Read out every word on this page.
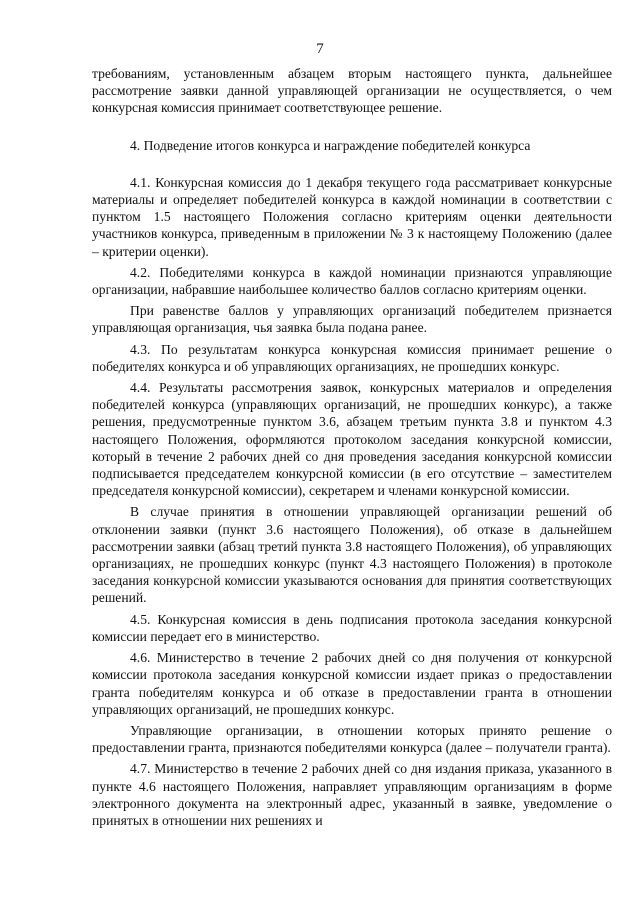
7

требованиям, установленным абзацем вторым настоящего пункта, дальнейшее рассмотрение заявки данной управляющей организации не осуществляется, о чем конкурсная комиссия принимает соответствующее решение.

4. Подведение итогов конкурса и награждение победителей конкурса

4.1. Конкурсная комиссия до 1 декабря текущего года рассматривает конкурсные материалы и определяет победителей конкурса в каждой номинации в соответствии с пунктом 1.5 настоящего Положения согласно критериям оценки деятельности участников конкурса, приведенным в приложении № 3 к настоящему Положению (далее – критерии оценки).

4.2. Победителями конкурса в каждой номинации признаются управляющие организации, набравшие наибольшее количество баллов согласно критериям оценки.

При равенстве баллов у управляющих организаций победителем признается управляющая организация, чья заявка была подана ранее.

4.3. По результатам конкурса конкурсная комиссия принимает решение о победителях конкурса и об управляющих организациях, не прошедших конкурс.

4.4. Результаты рассмотрения заявок, конкурсных материалов и определения победителей конкурса (управляющих организаций, не прошедших конкурс), а также решения, предусмотренные пунктом 3.6, абзацем третьим пункта 3.8 и пунктом 4.3 настоящего Положения, оформляются протоколом заседания конкурсной комиссии, который в течение 2 рабочих дней со дня проведения заседания конкурсной комиссии подписывается председателем конкурсной комиссии (в его отсутствие – заместителем председателя конкурсной комиссии), секретарем и членами конкурсной комиссии.

В случае принятия в отношении управляющей организации решений об отклонении заявки (пункт 3.6 настоящего Положения), об отказе в дальнейшем рассмотрении заявки (абзац третий пункта 3.8 настоящего Положения), об управляющих организациях, не прошедших конкурс (пункт 4.3 настоящего Положения) в протоколе заседания конкурсной комиссии указываются основания для принятия соответствующих решений.

4.5. Конкурсная комиссия в день подписания протокола заседания конкурсной комиссии передает его в министерство.

4.6. Министерство в течение 2 рабочих дней со дня получения от конкурсной комиссии протокола заседания конкурсной комиссии издает приказ о предоставлении гранта победителям конкурса и об отказе в предоставлении гранта в отношении управляющих организаций, не прошедших конкурс.

Управляющие организации, в отношении которых принято решение о предоставлении гранта, признаются победителями конкурса (далее – получатели гранта).

4.7. Министерство в течение 2 рабочих дней со дня издания приказа, указанного в пункте 4.6 настоящего Положения, направляет управляющим организациям в форме электронного документа на электронный адрес, указанный в заявке, уведомление о принятых в отношении них решениях и
